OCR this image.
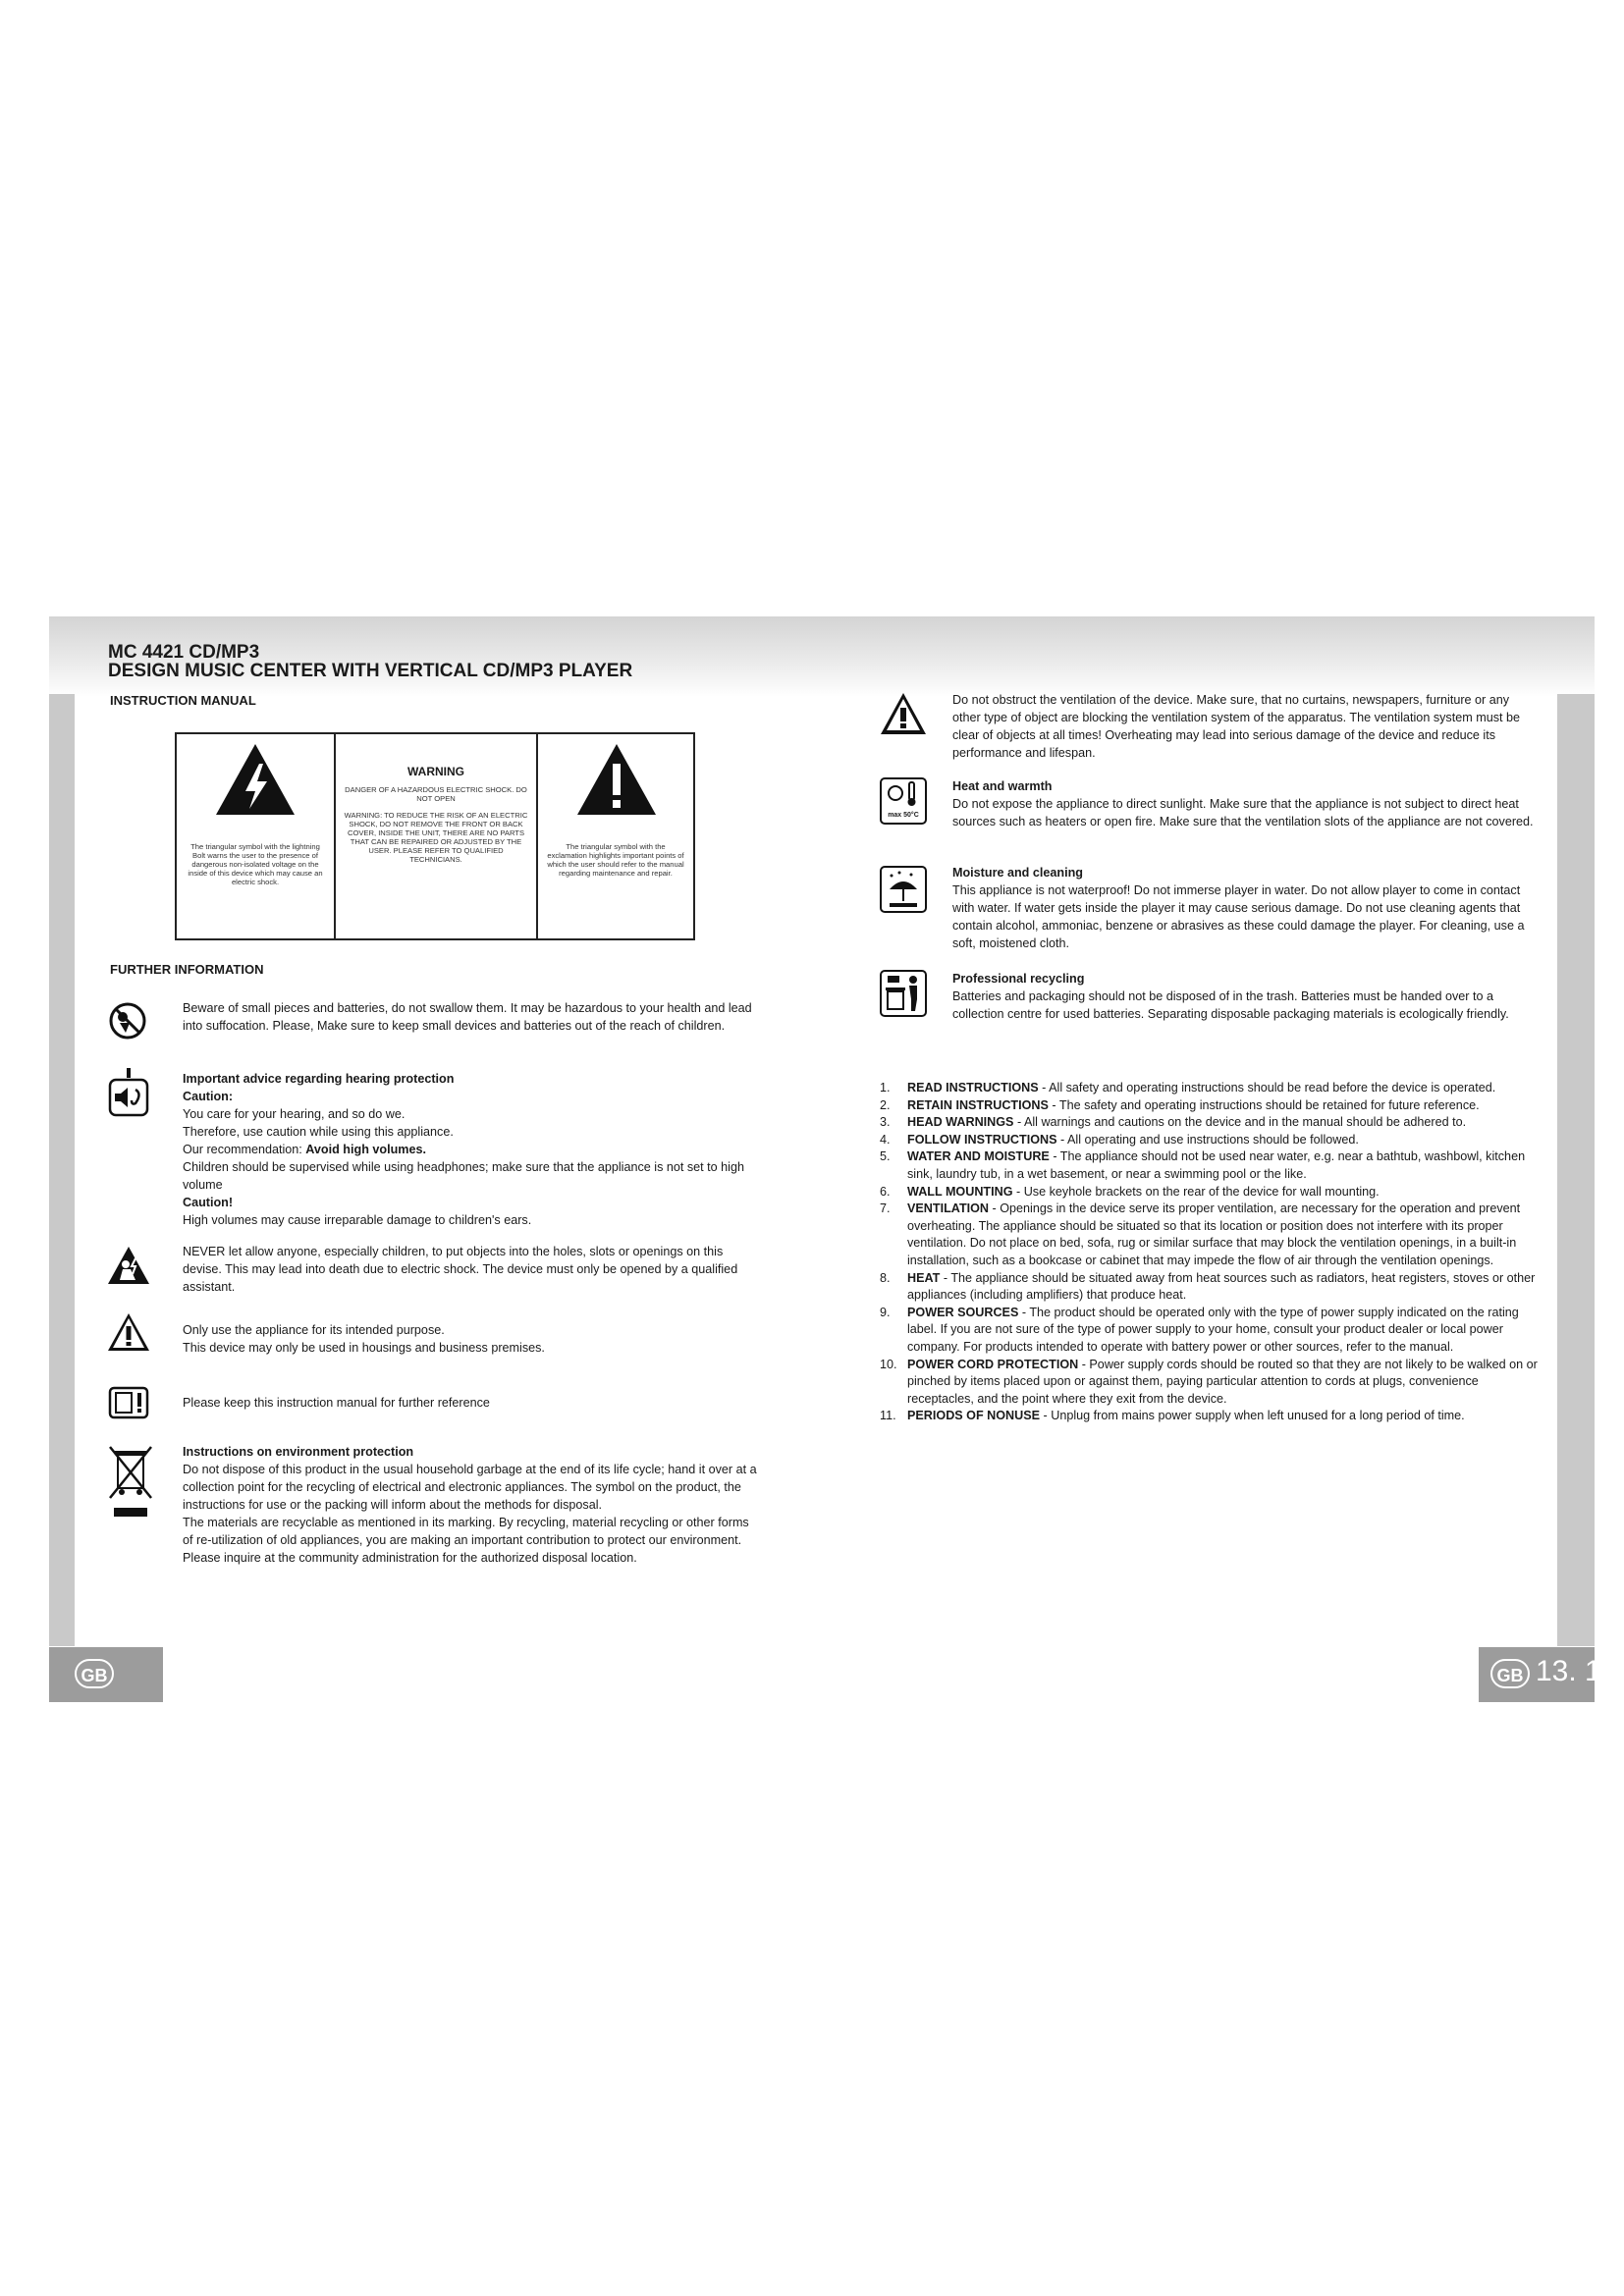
MC 4421 CD/MP3
DESIGN MUSIC CENTER WITH VERTICAL CD/MP3 PLAYER
INSTRUCTION MANUAL
The triangular symbol with the lightning Bolt warns the user to the presence of dangerous non-isolated voltage on the inside of this device which may cause an electric shock.
WARNING
DANGER OF A HAZARDOUS ELECTRIC SHOCK. DO NOT OPEN
WARNING: TO REDUCE THE RISK OF AN ELECTRIC SHOCK, DO NOT REMOVE THE FRONT OR BACK COVER, INSIDE THE UNIT, THERE ARE NO PARTS THAT CAN BE REPAIRED OR ADJUSTED BY THE USER. PLEASE REFER TO QUALIFIED TECHNICIANS.
The triangular symbol with the exclamation highlights important points of which the user should refer to the manual regarding maintenance and repair.
FURTHER INFORMATION
Beware of small pieces and batteries, do not swallow them. It may be hazardous to your health and lead into suffocation. Please, Make sure to keep small devices and batteries out of the reach of children.
Important advice regarding hearing protection
Caution:
You care for your hearing, and so do we.
Therefore, use caution while using this appliance.
Our recommendation: Avoid high volumes.
Children should be supervised while using headphones; make sure that the appliance is not set to high volume
Caution!
High volumes may cause irreparable damage to children's ears.
NEVER let allow anyone, especially children, to put objects into the holes, slots or openings on this devise. This may lead into death due to electric shock. The device must only be opened by a qualified assistant.
Only use the appliance for its intended purpose.
This device may only be used in housings and business premises.
Please keep this instruction manual for further reference
Instructions on environment protection
Do not dispose of this product in the usual household garbage at the end of its life cycle; hand it over at a collection point for the recycling of electrical and electronic appliances. The symbol on the product, the instructions for use or the packing will inform about the methods for disposal.
The materials are recyclable as mentioned in its marking. By recycling, material recycling or other forms of re-utilization of old appliances, you are making an important contribution to protect our environment.
Please inquire at the community administration for the authorized disposal location.
Do not obstruct the ventilation of the device. Make sure, that no curtains, newspapers, furniture or any other type of object are blocking the ventilation system of the apparatus. The ventilation system must be clear of objects at all times! Overheating may lead into serious damage of the device and reduce its performance and lifespan.
max 50°C
Heat and warmth
Do not expose the appliance to direct sunlight. Make sure that the appliance is not subject to direct heat sources such as heaters or open fire. Make sure that the ventilation slots of the appliance are not covered.
Moisture and cleaning
This appliance is not waterproof! Do not immerse player in water. Do not allow player to come in contact with water. If water gets inside the player it may cause serious damage. Do not use cleaning agents that contain alcohol, ammoniac, benzene or abrasives as these could damage the player. For cleaning, use a soft, moistened cloth.
Professional recycling
Batteries and packaging should not be disposed of in the trash. Batteries must be handed over to a collection centre for used batteries. Separating disposable packaging materials is ecologically friendly.
1. READ INSTRUCTIONS - All safety and operating instructions should be read before the device is operated.
2. RETAIN INSTRUCTIONS - The safety and operating instructions should be retained for future reference.
3. HEAD WARNINGS - All warnings and cautions on the device and in the manual should be adhered to.
4. FOLLOW INSTRUCTIONS - All operating and use instructions should be followed.
5. WATER AND MOISTURE - The appliance should not be used near water, e.g. near a bathtub, washbowl, kitchen sink, laundry tub, in a wet basement, or near a swimming pool or the like.
6. WALL MOUNTING - Use keyhole brackets on the rear of the device for wall mounting.
7. VENTILATION - Openings in the device serve its proper ventilation, are necessary for the operation and prevent overheating. The appliance should be situated so that its location or position does not interfere with its proper ventilation. Do not place on bed, sofa, rug or similar surface that may block the ventilation openings, in a built-in installation, such as a bookcase or cabinet that may impede the flow of air through the ventilation openings.
8. HEAT - The appliance should be situated away from heat sources such as radiators, heat registers, stoves or other appliances (including amplifiers) that produce heat.
9. POWER SOURCES - The product should be operated only with the type of power supply indicated on the rating label. If you are not sure of the type of power supply to your home, consult your product dealer or local power company. For products intended to operate with battery power or other sources, refer to the manual.
10. POWER CORD PROTECTION - Power supply cords should be routed so that they are not likely to be walked on or pinched by items placed upon or against them, paying particular attention to cords at plugs, convenience receptacles, and the point where they exit from the device.
11. PERIODS OF NONUSE - Unplug from mains power supply when left unused for a long period of time.
GB	GB 13. 1
